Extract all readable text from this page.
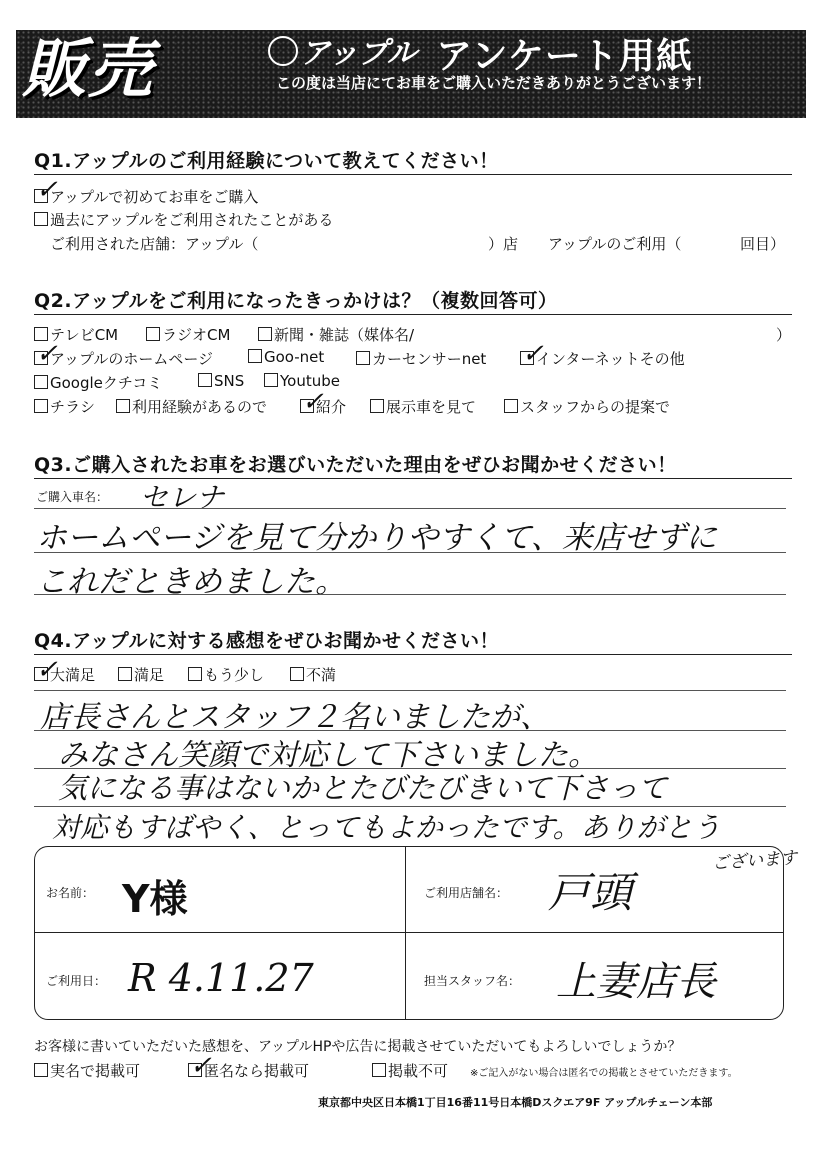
販売	アップル アンケート用紙
この度は当店にてお車をご購入いただきありがとうございます！
Q1.アップルのご利用経験について教えてください！
アップルで初めてお車をご購入
✓
過去にアップルをご利用されたことがある
ご利用された店舗：アップル（	）店 アップルのご利用（	回目）
Q2.アップルをご利用になったきっかけは？（複数回答可）
テレビCM	ラジオCM	新聞・雑誌（媒体名/	）
アップルのホームページ
✓	Goo-net	カーセンサーnet	インターネットその他
✓
Googleクチコミ	SNS	Youtube
チラシ	利用経験があるので	紹介
✓	展示車を見て	スタッフからの提案で
Q3.ご購入されたお車をお選びいただいた理由をぜひお聞かせください！
ご購入車名： セレナ
ホームページを見て分かりやすくて、来店せずに
これだときめました。
Q4.アップルに対する感想をぜひお聞かせください！
大満足
✓	満足	もう少し	不満
店長さんとスタッフ２名いましたが、
みなさん笑顔で対応して下さいました。
気になる事はないかとたびたびきいて下さって
対応もすばやく、とってもよかったです。ありがとう
ございます
お名前： Y様	ご利用店舗名： 戸頭
ご利用日： R 4.11.27	担当スタッフ名： 上妻店長
お客様に書いていただいた感想を、アップルHPや広告に掲載させていただいてもよろしいでしょうか？
実名で掲載可	匿名なら掲載可
✓	掲載不可 ※ご記入がない場合は匿名での掲載とさせていただきます。
東京都中央区日本橋1丁目16番11号日本橋Dスクエア9F アップルチェーン本部
